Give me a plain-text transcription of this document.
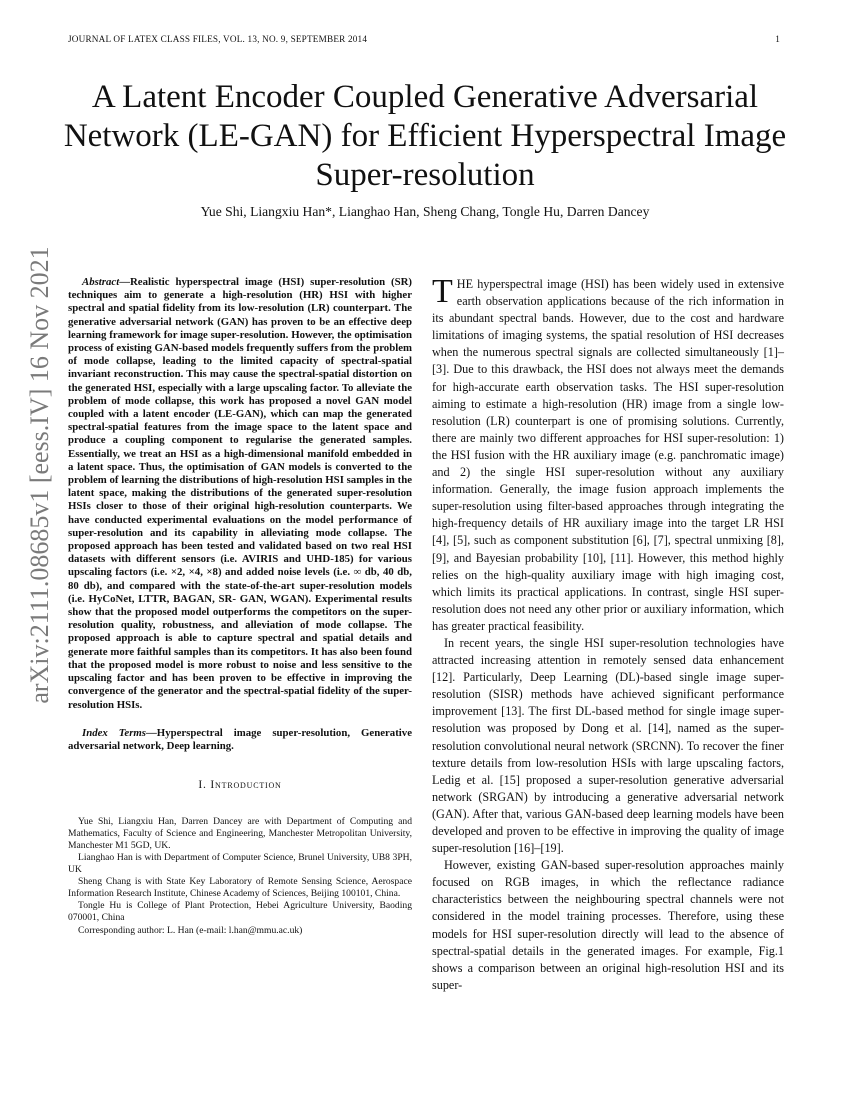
JOURNAL OF LATEX CLASS FILES, VOL. 13, NO. 9, SEPTEMBER 2014	1
arXiv:2111.08685v1 [eess.IV] 16 Nov 2021
A Latent Encoder Coupled Generative Adversarial Network (LE-GAN) for Efficient Hyperspectral Image Super-resolution
Yue Shi, Liangxiu Han*, Lianghao Han, Sheng Chang, Tongle Hu, Darren Dancey

Abstract—Realistic hyperspectral image (HSI) super-resolution (SR) techniques aim to generate a high-resolution (HR) HSI with higher spectral and spatial fidelity from its low-resolution (LR) counterpart. The generative adversarial network (GAN) has proven to be an effective deep learning framework for image super-resolution. However, the optimisation process of existing GAN-based models frequently suffers from the problem of mode collapse, leading to the limited capacity of spectral-spatial invariant reconstruction. This may cause the spectral-spatial distortion on the generated HSI, especially with a large upscaling factor. To alleviate the problem of mode collapse, this work has proposed a novel GAN model coupled with a latent encoder (LE-GAN), which can map the generated spectral-spatial features from the image space to the latent space and produce a coupling component to regularise the generated samples. Essentially, we treat an HSI as a high-dimensional manifold embedded in a latent space. Thus, the optimisation of GAN models is converted to the problem of learning the distributions of high-resolution HSI samples in the latent space, making the distributions of the generated super-resolution HSIs closer to those of their original high-resolution counterparts. We have conducted experimental evaluations on the model performance of super-resolution and its capability in alleviating mode collapse. The proposed approach has been tested and validated based on two real HSI datasets with different sensors (i.e. AVIRIS and UHD-185) for various upscaling factors (i.e. ×2, ×4, ×8) and added noise levels (i.e. ∞ db, 40 db, 80 db), and compared with the state-of-the-art super-resolution models (i.e. HyCoNet, LTTR, BAGAN, SR- GAN, WGAN). Experimental results show that the proposed model outperforms the competitors on the super-resolution quality, robustness, and alleviation of mode collapse. The proposed approach is able to capture spectral and spatial details and generate more faithful samples than its competitors. It has also been found that the proposed model is more robust to noise and less sensitive to the upscaling factor and has been proven to be effective in improving the convergence of the generator and the spectral-spatial fidelity of the super-resolution HSIs.

Index Terms—Hyperspectral image super-resolution, Generative adversarial network, Deep learning.

I. Introduction

Yue Shi, Liangxiu Han, Darren Dancey are with Department of Computing and Mathematics, Faculty of Science and Engineering, Manchester Metropolitan University, Manchester M1 5GD, UK.

Lianghao Han is with Department of Computer Science, Brunel University, UB8 3PH, UK

Sheng Chang is with State Key Laboratory of Remote Sensing Science, Aerospace Information Research Institute, Chinese Academy of Sciences, Beijing 100101, China.

Tongle Hu is College of Plant Protection, Hebei Agriculture University, Baoding 070001, China

Corresponding author: L. Han (e-mail: l.han@mmu.ac.uk)

THE hyperspectral image (HSI) has been widely used in extensive earth observation applications because of the rich information in its abundant spectral bands. However, due to the cost and hardware limitations of imaging systems, the spatial resolution of HSI decreases when the numerous spectral signals are collected simultaneously [1]–[3]. Due to this drawback, the HSI does not always meet the demands for high-accurate earth observation tasks. The HSI super-resolution aiming to estimate a high-resolution (HR) image from a single low-resolution (LR) counterpart is one of promising solutions. Currently, there are mainly two different approaches for HSI super-resolution: 1) the HSI fusion with the HR auxiliary image (e.g. panchromatic image) and 2) the single HSI super-resolution without any auxiliary information. Generally, the image fusion approach implements the super-resolution using filter-based approaches through integrating the high-frequency details of HR auxiliary image into the target LR HSI [4], [5], such as component substitution [6], [7], spectral unmixing [8], [9], and Bayesian probability [10], [11]. However, this method highly relies on the high-quality auxiliary image with high imaging cost, which limits its practical applications. In contrast, single HSI super-resolution does not need any other prior or auxiliary information, which has greater practical feasibility.

In recent years, the single HSI super-resolution technologies have attracted increasing attention in remotely sensed data enhancement [12]. Particularly, Deep Learning (DL)-based single image super-resolution (SISR) methods have achieved significant performance improvement [13]. The first DL-based method for single image super-resolution was proposed by Dong et al. [14], named as the super-resolution convolutional neural network (SRCNN). To recover the finer texture details from low-resolution HSIs with large upscaling factors, Ledig et al. [15] proposed a super-resolution generative adversarial network (SRGAN) by introducing a generative adversarial network (GAN). After that, various GAN-based deep learning models have been developed and proven to be effective in improving the quality of image super-resolution [16]–[19].

However, existing GAN-based super-resolution approaches mainly focused on RGB images, in which the reflectance radiance characteristics between the neighbouring spectral channels were not considered in the model training processes. Therefore, using these models for HSI super-resolution directly will lead to the absence of spectral-spatial details in the generated images. For example, Fig.1 shows a comparison between an original high-resolution HSI and its super-
